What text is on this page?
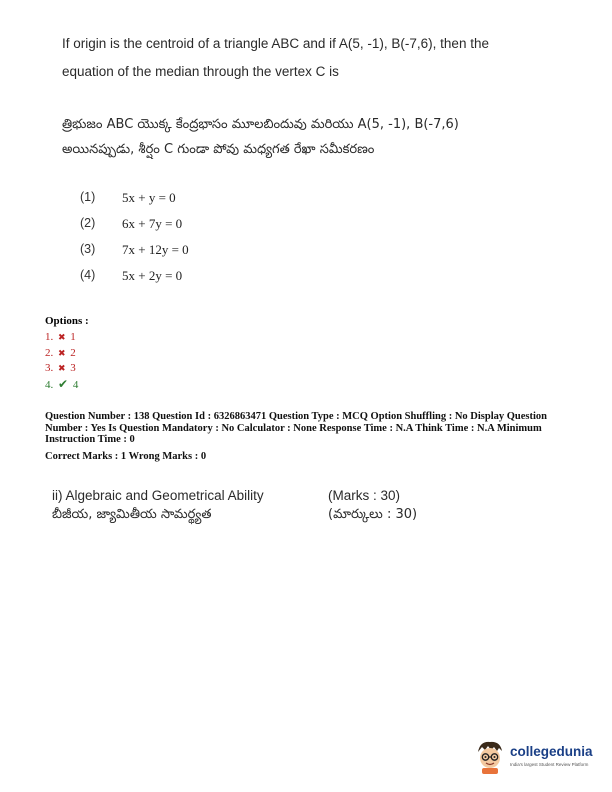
If origin is the centroid of a triangle ABC and if A(5, -1), B(-7,6), then the
equation of the median through the vertex C is
త్రిభుజం ABC యొక్క కేంద్రభాసం మూలబిందువు మరియు A(5, -1), B(-7,6)
అయినప్పుడు, శీర్షం C గుండా పోవు మధ్యగత రేఖా సమీకరణం
(1) 5x + y = 0
(2) 6x + 7y = 0
(3) 7x + 12y = 0
(4) 5x + 2y = 0
Options :
1. ✖ 1
2. ✖ 2
3. ✖ 3
4. ✔ 4

Question Number : 138 Question Id : 6326863471 Question Type : MCQ Option Shuffling : No Display Question

Number : Yes Is Question Mandatory : No Calculator : None Response Time : N.A Think Time : N.A Minimum

Instruction Time : 0

Correct Marks : 1 Wrong Marks : 0

ii) Algebraic and Geometrical Ability
బీజీయ, జ్యామితీయ సామర్థ్యత
(Marks : 30)
(మార్కులు : 30)
collegedunia
India's largest Student Review Platform
